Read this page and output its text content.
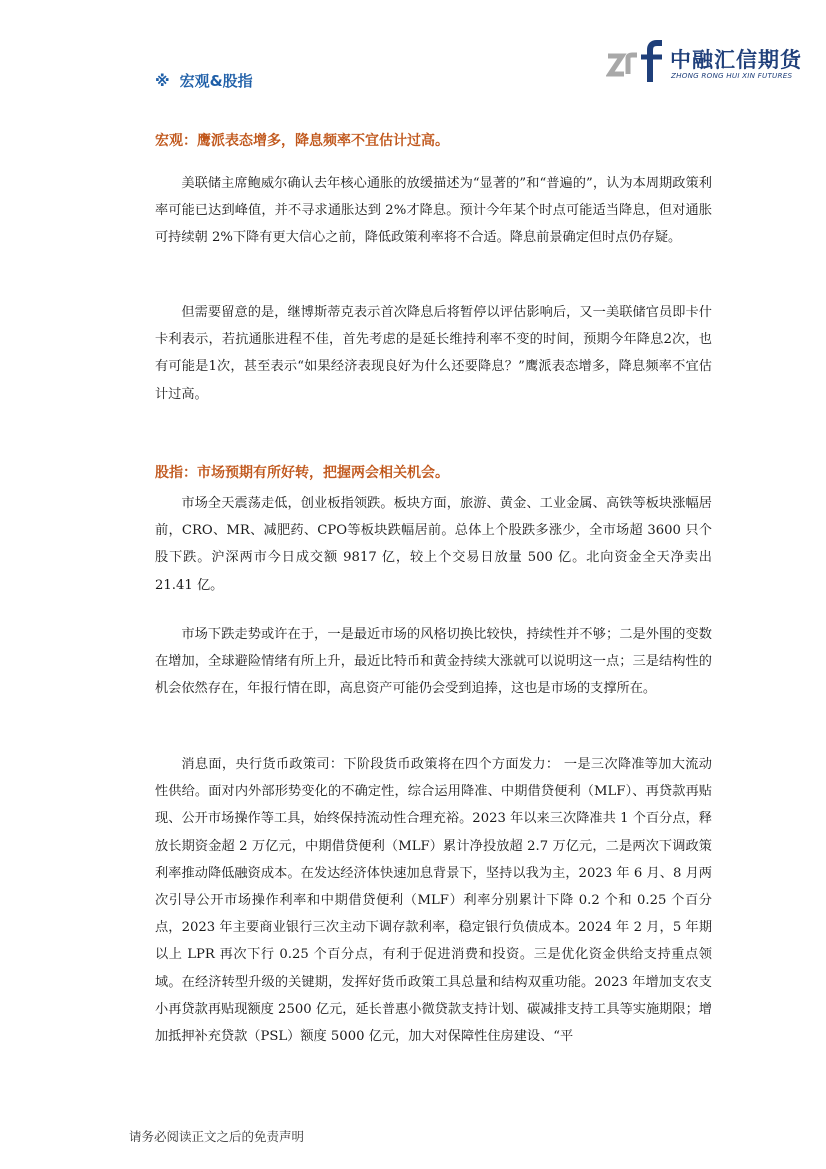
中融汇信期货
ZHONG RONG HUI XIN FUTURES
※ 宏观&股指
宏观：鹰派表态增多，降息频率不宜估计过高。

美联储主席鲍威尔确认去年核心通胀的放缓描述为“显著的”和“普遍的”，认为本周期政策利率可能已达到峰值，并不寻求通胀达到 2%才降息。预计今年某个时点可能适当降息，但对通胀可持续朝 2%下降有更大信心之前，降低政策利率将不合适。降息前景确定但时点仍存疑。

但需要留意的是，继博斯蒂克表示首次降息后将暂停以评估影响后，又一美联储官员即卡什卡利表示，若抗通胀进程不佳，首先考虑的是延长维持利率不变的时间，预期今年降息2次，也有可能是1次，甚至表示“如果经济表现良好为什么还要降息？”鹰派表态增多，降息频率不宜估计过高。

股指：市场预期有所好转，把握两会相关机会。

市场全天震荡走低，创业板指领跌。板块方面，旅游、黄金、工业金属、高铁等板块涨幅居前，CRO、MR、减肥药、CPO等板块跌幅居前。总体上个股跌多涨少，全市场超 3600 只个股下跌。沪深两市今日成交额 9817 亿，较上个交易日放量 500 亿。北向资金全天净卖出21.41 亿。

市场下跌走势或许在于，一是最近市场的风格切换比较快，持续性并不够；二是外围的变数在增加，全球避险情绪有所上升，最近比特币和黄金持续大涨就可以说明这一点；三是结构性的机会依然存在，年报行情在即，高息资产可能仍会受到追捧，这也是市场的支撑所在。

消息面，央行货币政策司：下阶段货币政策将在四个方面发力： 一是三次降准等加大流动性供给。面对内外部形势变化的不确定性，综合运用降准、中期借贷便利（MLF）、再贷款再贴现、公开市场操作等工具，始终保持流动性合理充裕。2023 年以来三次降准共 1 个百分点，释放长期资金超 2 万亿元，中期借贷便利（MLF）累计净投放超 2.7 万亿元，二是两次下调政策利率推动降低融资成本。在发达经济体快速加息背景下，坚持以我为主，2023 年 6 月、8 月两次引导公开市场操作利率和中期借贷便利（MLF）利率分别累计下降 0.2 个和 0.25 个百分点，2023 年主要商业银行三次主动下调存款利率，稳定银行负债成本。2024 年 2 月，5 年期以上 LPR 再次下行 0.25 个百分点，有利于促进消费和投资。三是优化资金供给支持重点领域。在经济转型升级的关键期，发挥好货币政策工具总量和结构双重功能。2023 年增加支农支小再贷款再贴现额度 2500 亿元，延长普惠小微贷款支持计划、碳减排支持工具等实施期限；增加抵押补充贷款（PSL）额度 5000 亿元，加大对保障性住房建设、“平

请务必阅读正文之后的免责声明
